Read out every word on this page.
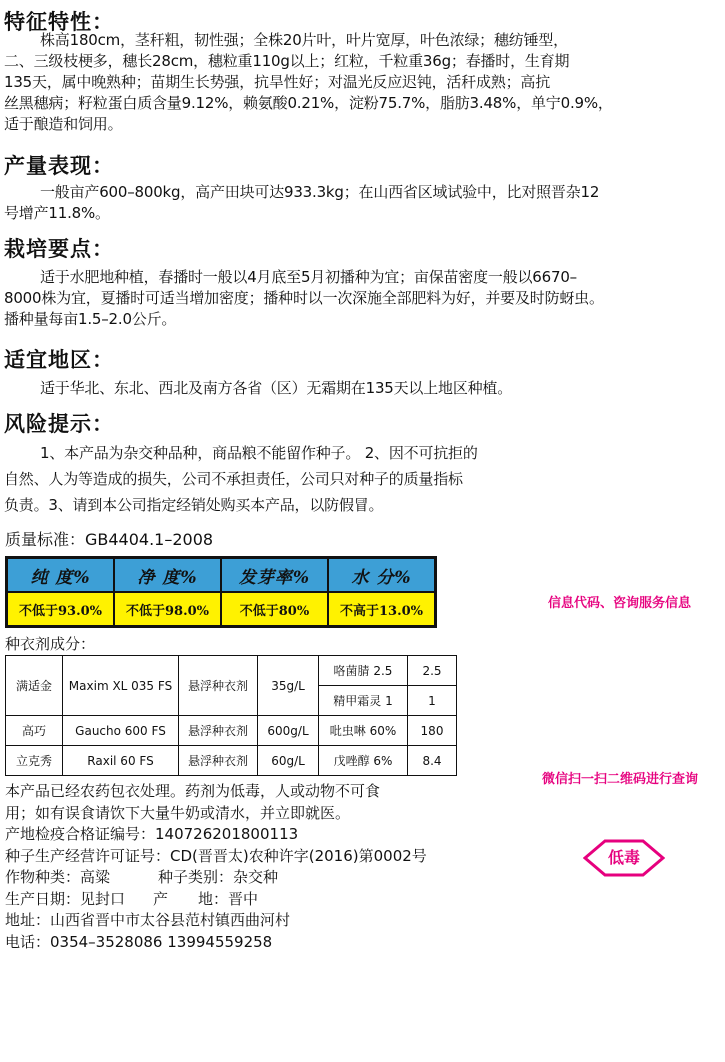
特征特性：
株高180cm，茎秆粗，韧性强；全株20片叶，叶片宽厚，叶色浓绿；穗纺锤型，
二、三级枝梗多，穗长28cm，穗粒重110g以上；红粒，千粒重36g；春播时，生育期
135天，属中晚熟种；苗期生长势强，抗旱性好；对温光反应迟钝，活秆成熟；高抗
丝黑穗病；籽粒蛋白质含量9.12%，赖氨酸0.21%，淀粉75.7%，脂肪3.48%，单宁0.9%，
适于酿造和饲用。
产量表现：
一般亩产600–800kg，高产田块可达933.3kg；在山西省区域试验中，比对照晋杂12
号增产11.8%。
栽培要点：
适于水肥地种植，春播时一般以4月底至5月初播种为宜；亩保苗密度一般以6670–
8000株为宜，夏播时可适当增加密度；播种时以一次深施全部肥料为好，并要及时防蚜虫。
播种量每亩1.5–2.0公斤。
适宜地区：
适于华北、东北、西北及南方各省（区）无霜期在135天以上地区种植。
风险提示：
1、本产品为杂交种品种，商品粮不能留作种子。 2、因不可抗拒的
自然、人为等造成的损失，公司不承担责任，公司只对种子的质量指标
负责。3、请到本公司指定经销处购买本产品，以防假冒。
质量标准：GB4404.1–2008
纯 度%	净 度%	发芽率%	水 分%
不低于93.0%	不低于98.0%	不低于80%	不高于13.0%	信息代码、咨询服务信息
种衣剂成分：
满适金	Maxim XL 035 FS	悬浮种衣剂	35g/L	咯菌腈 2.5	2.5
				精甲霜灵 1	1
高巧	Gaucho 600 FS	悬浮种衣剂	600g/L	吡虫啉 60%	180
立克秀	Raxil 60 FS	悬浮种衣剂	60g/L	戊唑醇 6%	8.4
微信扫一扫二维码进行查询
低毒
本产品已经农药包衣处理。药剂为低毒，人或动物不可食
用；如有误食请饮下大量牛奶或清水，并立即就医。
产地检疫合格证编号：140726201800113
种子生产经营许可证号：CD(晋晋太)农种许字(2016)第0002号
作物种类：高粱	种子类别：杂交种
生产日期：见封口 产　　地：晋中
地址：山西省晋中市太谷县范村镇西曲河村
电话：0354–3528086 13994559258
